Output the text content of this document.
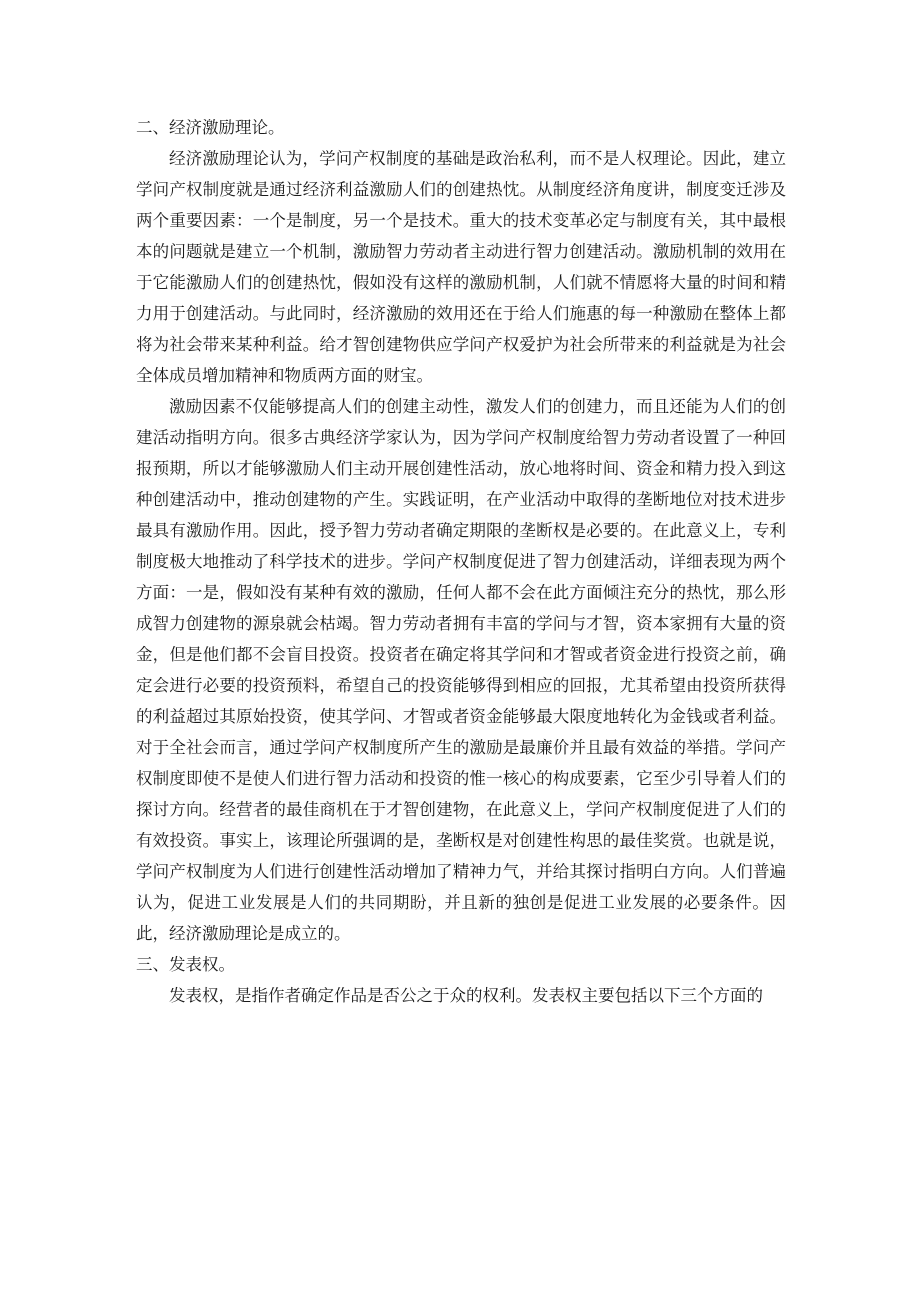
二、经济激励理论。

经济激励理论认为，学问产权制度的基础是政治私利，而不是人权理论。因此，建立学问产权制度就是通过经济利益激励人们的创建热忱。从制度经济角度讲，制度变迁涉及两个重要因素：一个是制度，另一个是技术。重大的技术变革必定与制度有关，其中最根本的问题就是建立一个机制，激励智力劳动者主动进行智力创建活动。激励机制的效用在于它能激励人们的创建热忱，假如没有这样的激励机制，人们就不情愿将大量的时间和精力用于创建活动。与此同时，经济激励的效用还在于给人们施惠的每一种激励在整体上都将为社会带来某种利益。给才智创建物供应学问产权爱护为社会所带来的利益就是为社会全体成员增加精神和物质两方面的财宝。

激励因素不仅能够提高人们的创建主动性，激发人们的创建力，而且还能为人们的创建活动指明方向。很多古典经济学家认为，因为学问产权制度给智力劳动者设置了一种回报预期，所以才能够激励人们主动开展创建性活动，放心地将时间、资金和精力投入到这种创建活动中，推动创建物的产生。实践证明，在产业活动中取得的垄断地位对技术进步最具有激励作用。因此，授予智力劳动者确定期限的垄断权是必要的。在此意义上，专利制度极大地推动了科学技术的进步。学问产权制度促进了智力创建活动，详细表现为两个方面：一是，假如没有某种有效的激励，任何人都不会在此方面倾注充分的热忱，那么形成智力创建物的源泉就会枯竭。智力劳动者拥有丰富的学问与才智，资本家拥有大量的资金，但是他们都不会盲目投资。投资者在确定将其学问和才智或者资金进行投资之前，确定会进行必要的投资预料，希望自己的投资能够得到相应的回报，尤其希望由投资所获得的利益超过其原始投资，使其学问、才智或者资金能够最大限度地转化为金钱或者利益。对于全社会而言，通过学问产权制度所产生的激励是最廉价并且最有效益的举措。学问产权制度即使不是使人们进行智力活动和投资的惟一核心的构成要素，它至少引导着人们的探讨方向。经营者的最佳商机在于才智创建物，在此意义上，学问产权制度促进了人们的有效投资。事实上，该理论所强调的是，垄断权是对创建性构思的最佳奖赏。也就是说，学问产权制度为人们进行创建性活动增加了精神力气，并给其探讨指明白方向。人们普遍认为，促进工业发展是人们的共同期盼，并且新的独创是促进工业发展的必要条件。因此，经济激励理论是成立的。

三、发表权。

发表权，是指作者确定作品是否公之于众的权利。发表权主要包括以下三个方面的
